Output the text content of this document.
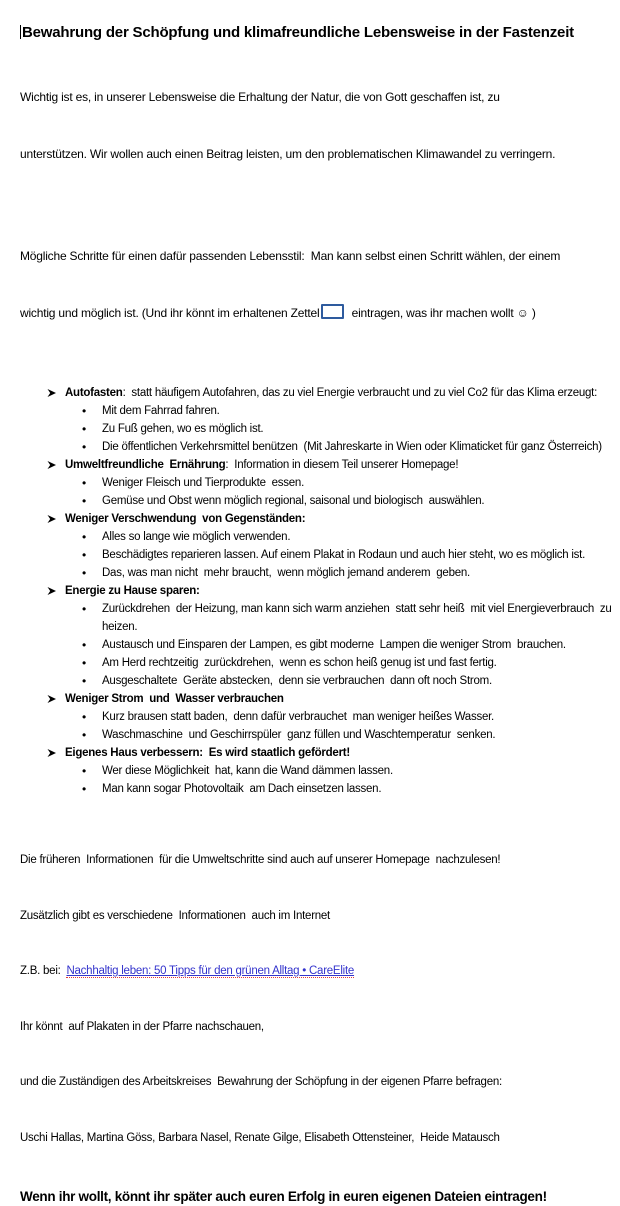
Bewahrung der Schöpfung und klimafreundliche Lebensweise in der Fastenzeit

Wichtig ist es, in unserer Lebensweise die Erhaltung der Natur, die von Gott geschaffen ist, zu

unterstützen. Wir wollen auch einen Beitrag leisten, um den problematischen Klimawandel zu verringern.

Mögliche Schritte für einen dafür passenden Lebensstil:  Man kann selbst einen Schritt wählen, der einem

wichtig und möglich ist. (Und ihr könnt im erhaltenen Zettel eintragen, was ihr machen wollt ☺ )

Autofasten:  statt häufigem Autofahren, das zu viel Energie verbraucht und zu viel Co2 für das Klima erzeugt:
• Mit dem Fahrrad fahren.
• Zu Fuß gehen, wo es möglich ist.
• Die öffentlichen Verkehrsmittel benützen  (Mit Jahreskarte in Wien oder Klimaticket für ganz Österreich)
Umweltfreundliche  Ernährung:  Information in diesem Teil unserer Homepage!
• Weniger Fleisch und Tierprodukte  essen.
• Gemüse und Obst wenn möglich regional, saisonal und biologisch  auswählen.
Weniger Verschwendung  von Gegenständen:
• Alles so lange wie möglich verwenden.
• Beschädigtes reparieren lassen. Auf einem Plakat in Rodaun und auch hier steht, wo es möglich ist.
• Das, was man nicht  mehr braucht,  wenn möglich jemand anderem  geben.
Energie zu Hause sparen:
• Zurückdrehen  der Heizung, man kann sich warm anziehen  statt sehr heiß  mit viel Energieverbrauch  zu heizen.
• Austausch und Einsparen der Lampen, es gibt moderne  Lampen die weniger Strom  brauchen.
• Am Herd rechtzeitig  zurückdrehen,  wenn es schon heiß genug ist und fast fertig.
• Ausgeschaltete  Geräte abstecken,  denn sie verbrauchen  dann oft noch Strom.
Weniger Strom  und  Wasser verbrauchen
• Kurz brausen statt baden,  denn dafür verbrauchet  man weniger heißes Wasser.
• Waschmaschine  und Geschirrspüler  ganz füllen und Waschtemperatur  senken.
Eigenes Haus verbessern:  Es wird staatlich gefördert!
• Wer diese Möglichkeit  hat, kann die Wand dämmen lassen.
• Man kann sogar Photovoltaik  am Dach einsetzen lassen.

Die früheren  Informationen  für die Umweltschritte sind auch auf unserer Homepage  nachzulesen!

Zusätzlich gibt es verschiedene  Informationen  auch im Internet

Z.B. bei:  Nachhaltig leben: 50 Tipps für den grünen Alltag • CareElite

Ihr könnt  auf Plakaten in der Pfarre nachschauen,

und die Zuständigen des Arbeitskreises  Bewahrung der Schöpfung in der eigenen Pfarre befragen:

Uschi Hallas, Martina Göss, Barbara Nasel, Renate Gilge, Elisabeth Ottensteiner,  Heide Matausch

Wenn ihr wollt, könnt ihr später auch euren Erfolg in euren eigenen Dateien eintragen!
